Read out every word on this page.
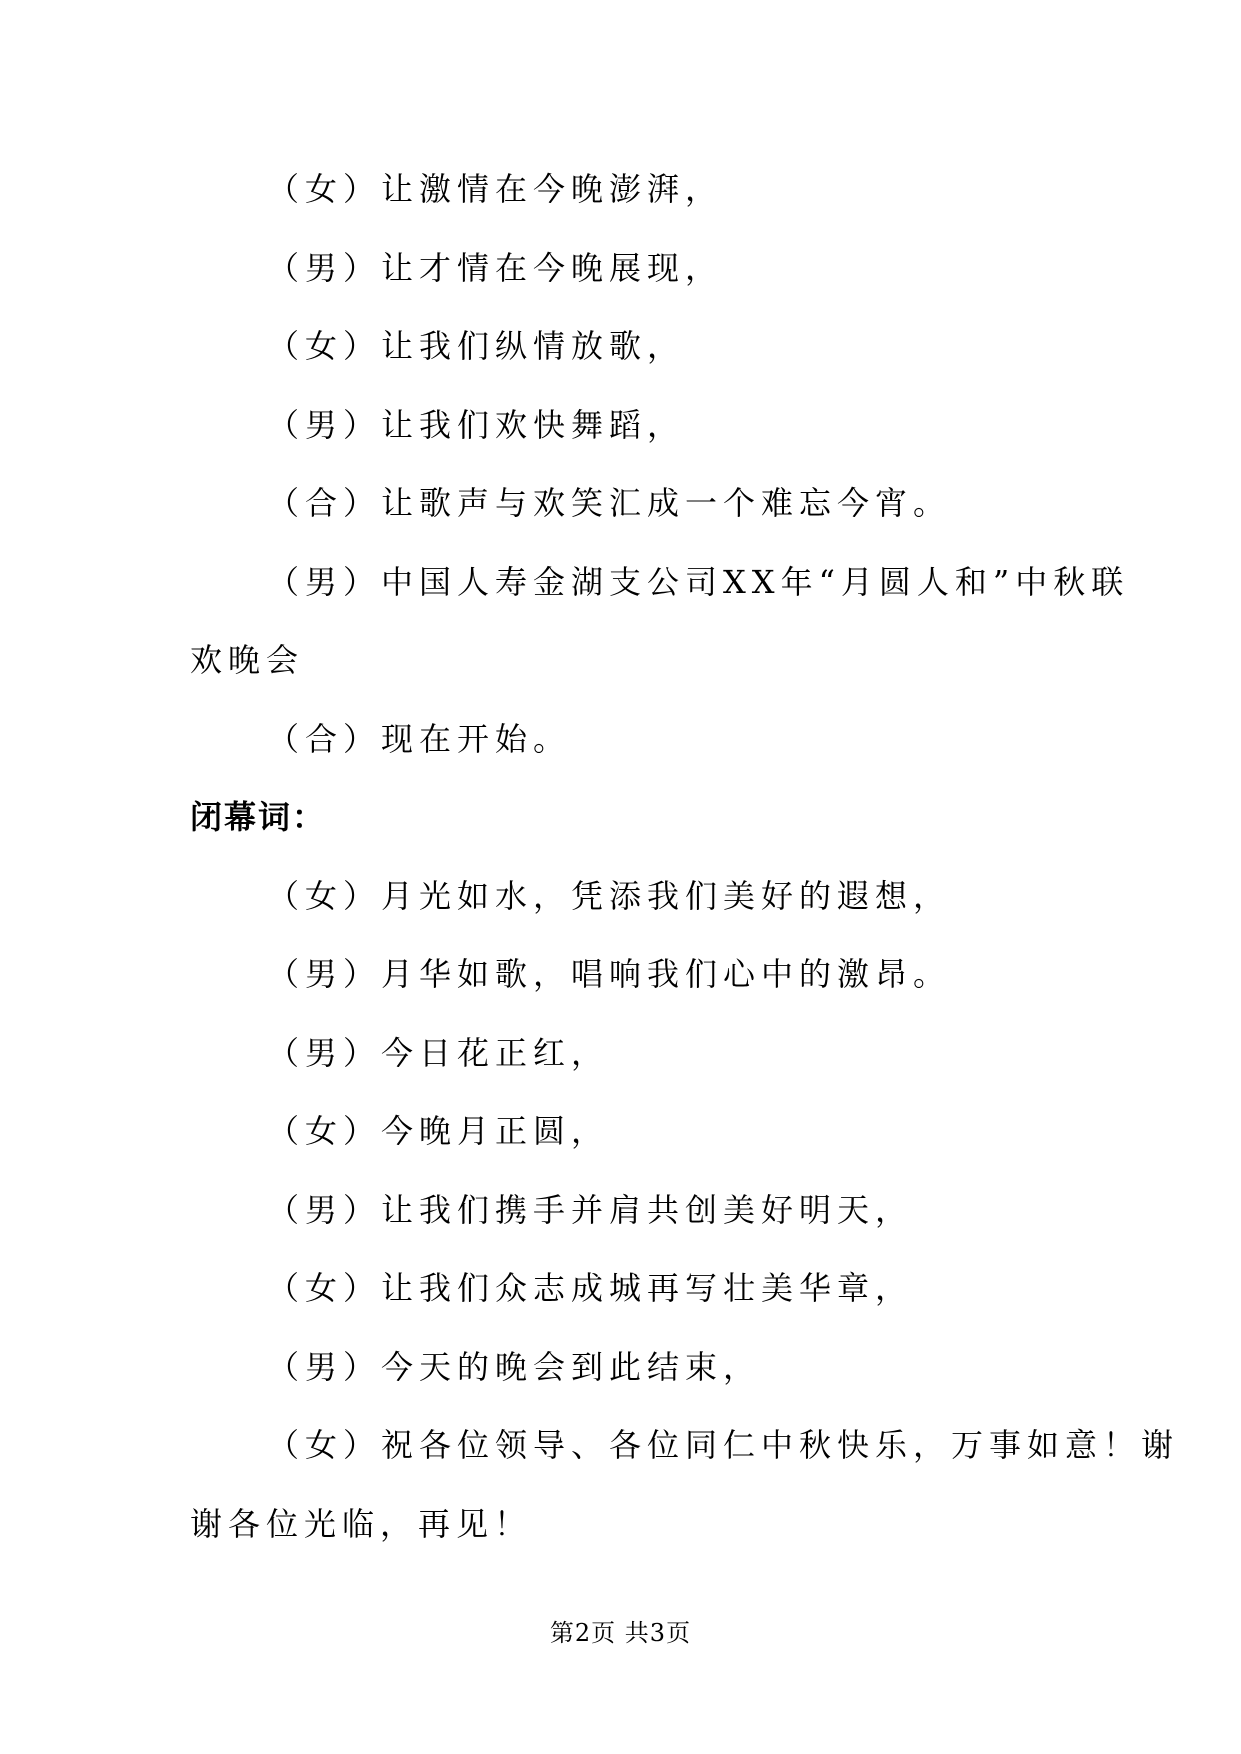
（女）让激情在今晚澎湃，
（男）让才情在今晚展现，
（女）让我们纵情放歌，
（男）让我们欢快舞蹈，
（合）让歌声与欢笑汇成一个难忘今宵。
（男）中国人寿金湖支公司XX年“月圆人和”中秋联
欢晚会
（合）现在开始。
闭幕词：
（女）月光如水，凭添我们美好的遐想，
（男）月华如歌，唱响我们心中的激昂。
（男）今日花正红，
（女）今晚月正圆，
（男）让我们携手并肩共创美好明天，
（女）让我们众志成城再写壮美华章，
（男）今天的晚会到此结束，
（女）祝各位领导、各位同仁中秋快乐，万事如意！谢
谢各位光临，再见！
第2页 共3页
